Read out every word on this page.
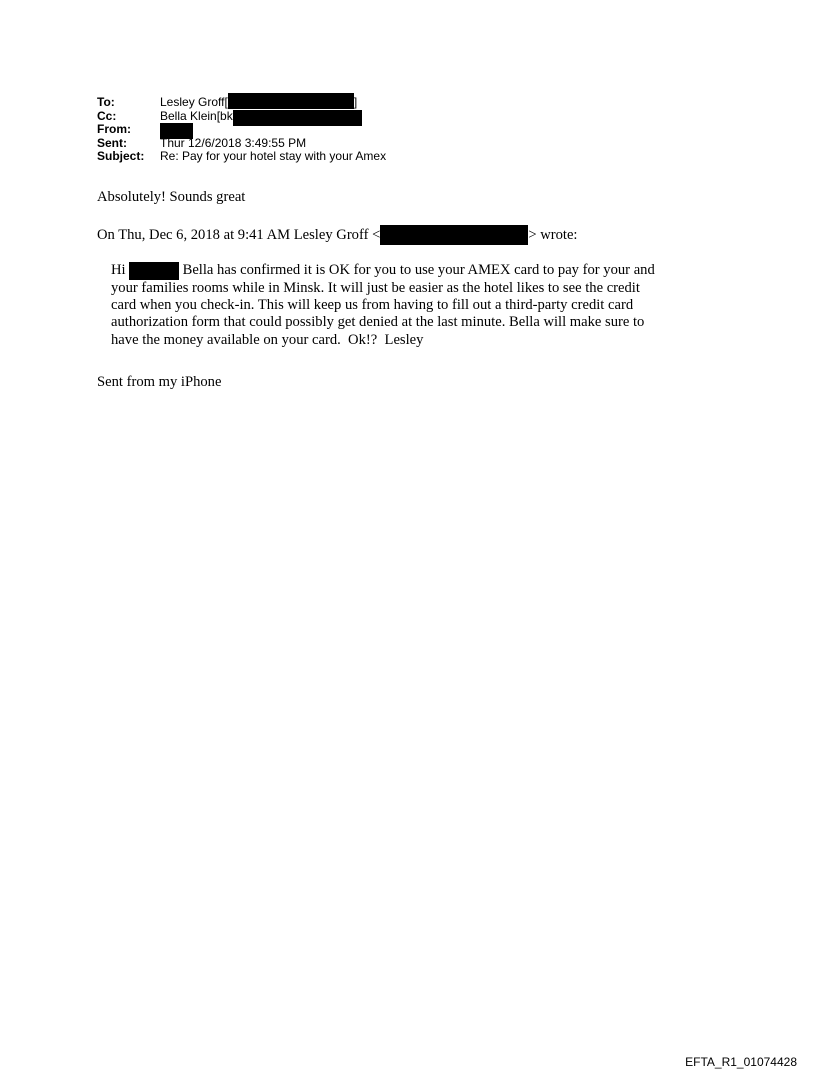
To:	Lesley Groff[	]
Cc:	Bella Klein[bk
From:
Sent:	Thur 12/6/2018 3:49:55 PM
Subject:	Re: Pay for your hotel stay with your Amex
Absolutely! Sounds great
On Thu, Dec 6, 2018 at 9:41 AM Lesley Groff <	> wrote:
Hi	Bella has confirmed it is OK for you to use your AMEX card to pay for your and
your families rooms while in Minsk. It will just be easier as the hotel likes to see the credit
card when you check-in. This will keep us from having to fill out a third-party credit card
authorization form that could possibly get denied at the last minute. Bella will make sure to
have the money available on your card.  Ok!?  Lesley
Sent from my iPhone
EFTA_R1_01074428
